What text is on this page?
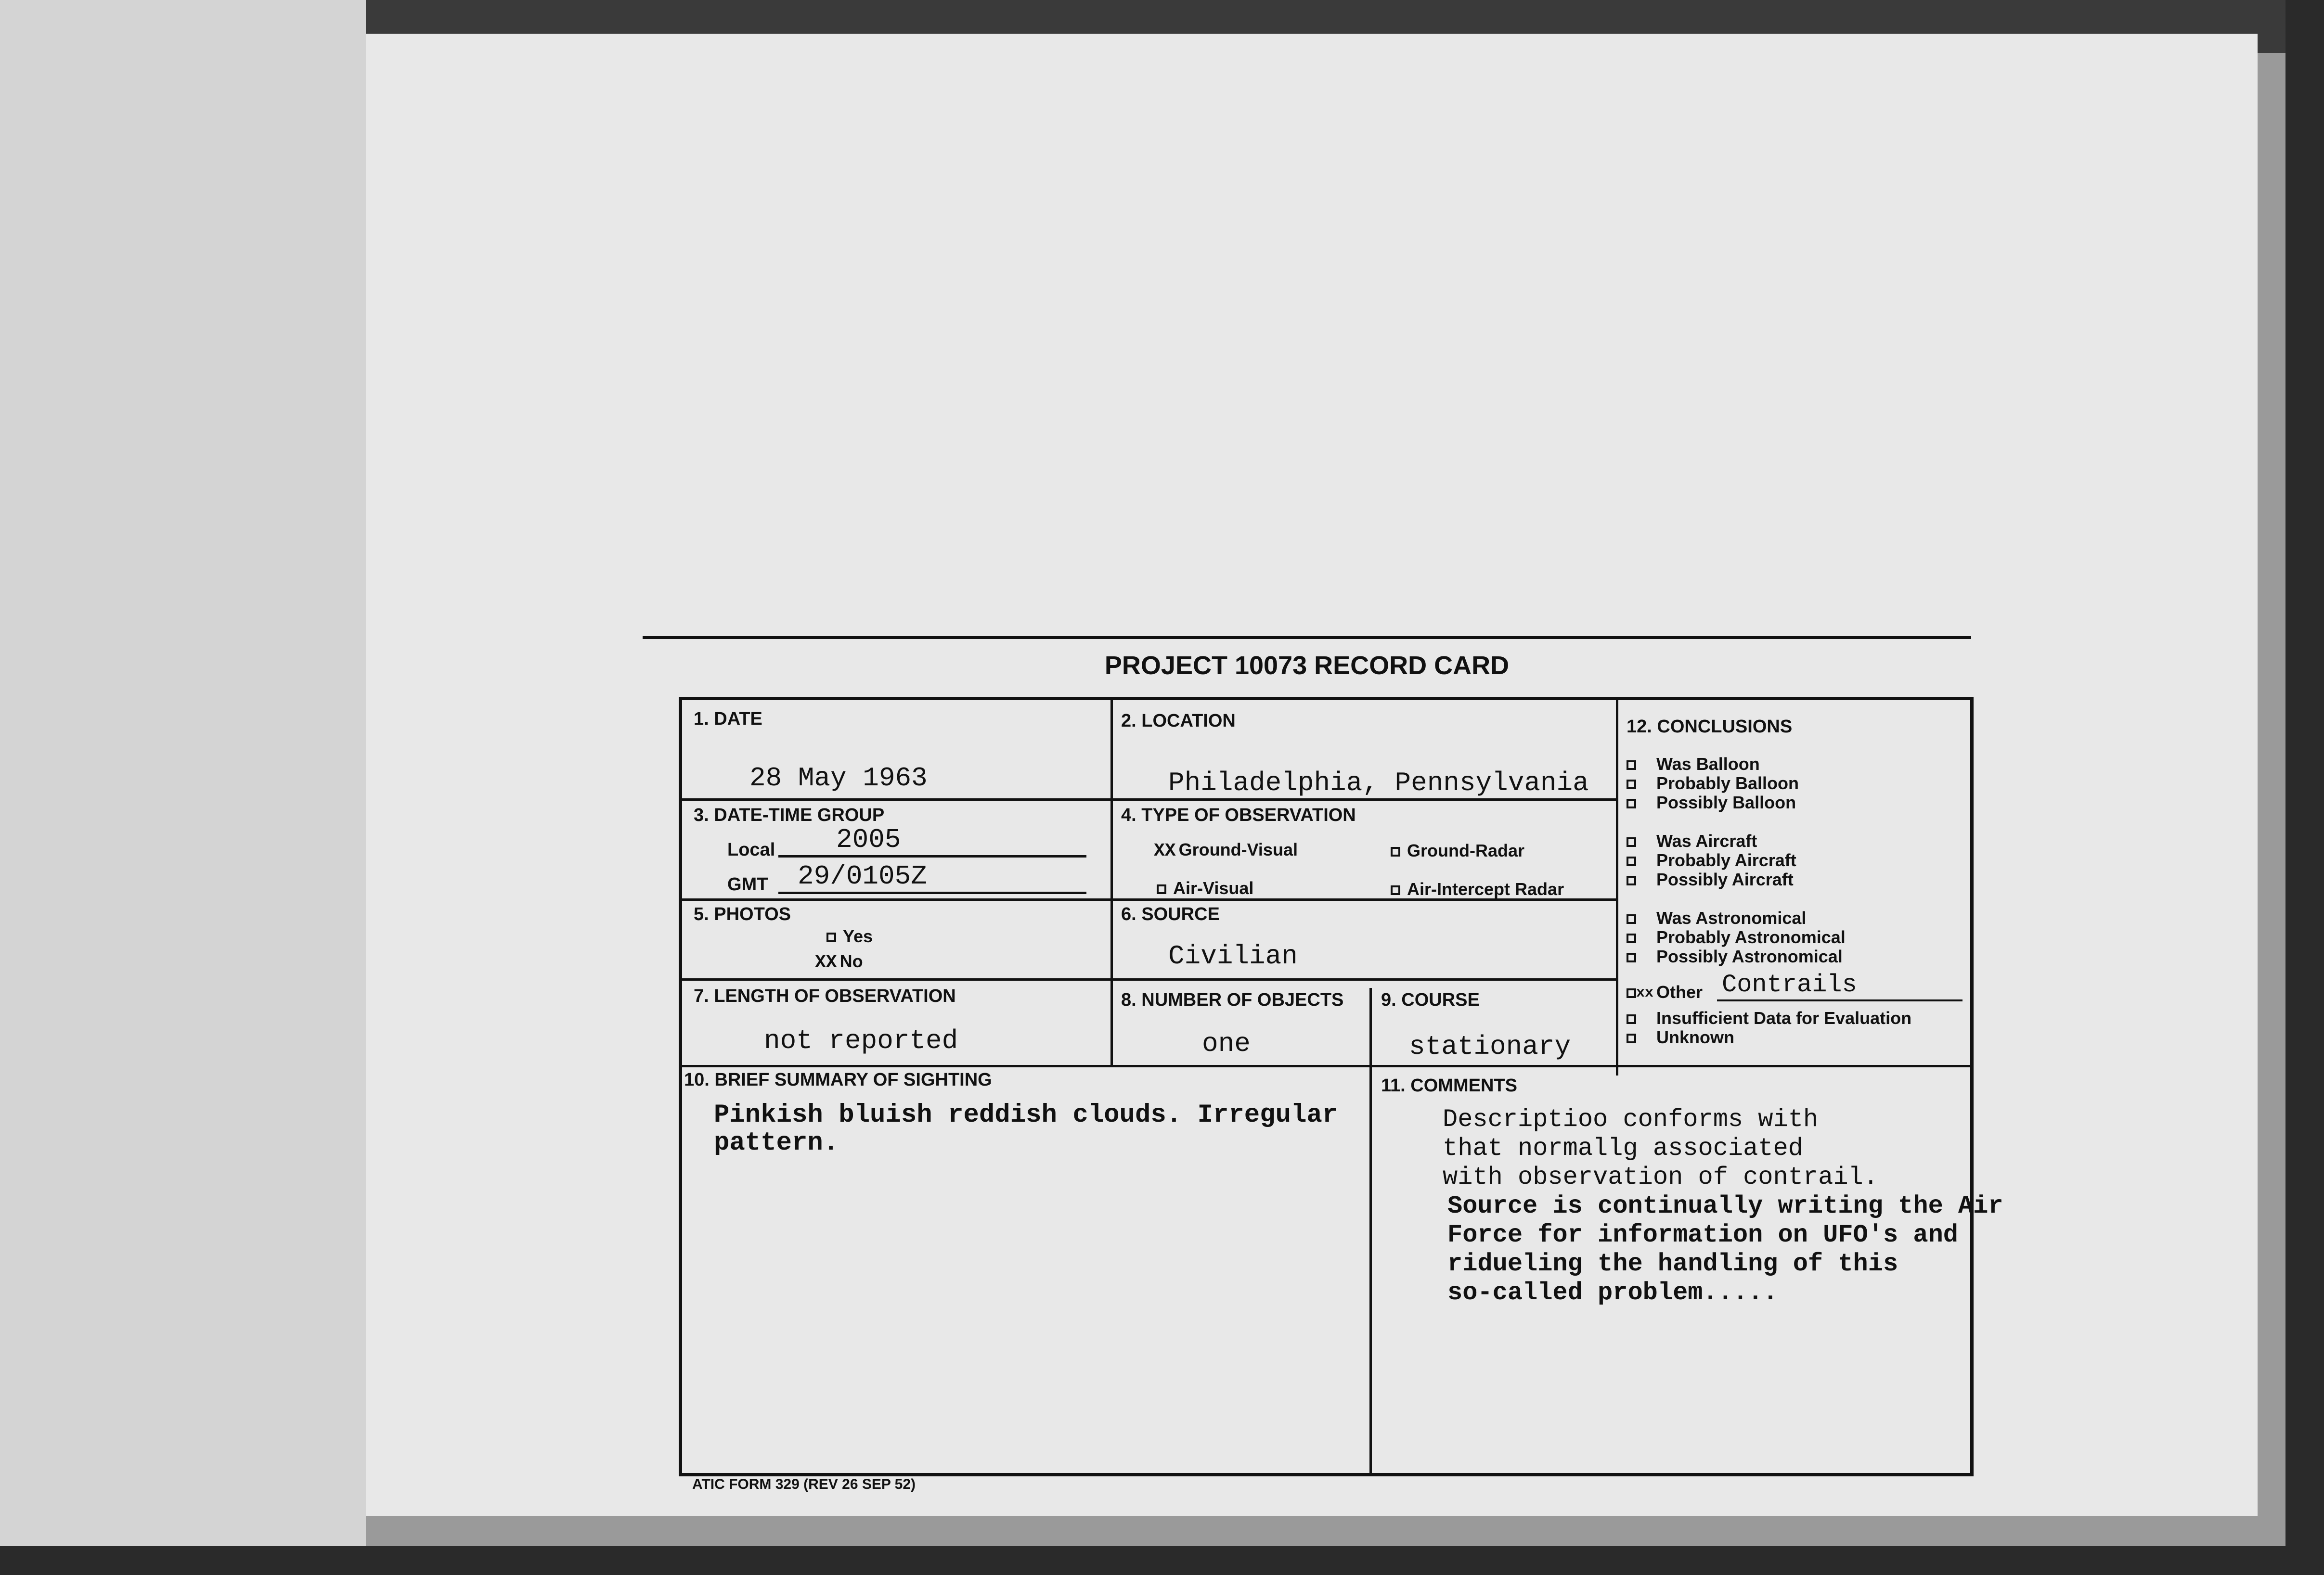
PROJECT 10073 RECORD CARD
1. DATE
28 May 1963
2. LOCATION
Philadelphia, Pennsylvania
3. DATE-TIME GROUP
Local 2005
GMT 29/0105Z
4. TYPE OF OBSERVATION
XX Ground-Visual	Ground-Radar
Air-Visual	Air-Intercept Radar
5. PHOTOS
Yes
XX No
6. SOURCE
Civilian
7. LENGTH OF OBSERVATION
not reported
8. NUMBER OF OBJECTS
one
9. COURSE
stationary
10. BRIEF SUMMARY OF SIGHTING
Pinkish bluish reddish clouds. Irregular
pattern.
11. COMMENTS
Descriptioo conforms with
that normallg associated
with observation of contrail.
Source is continually writing the Air
Force for information on UFO's and
ridueling the handling of this
so-called problem.....
12. CONCLUSIONS
Was Balloon
Probably Balloon
Possibly Balloon
Was Aircraft
Probably Aircraft
Possibly Aircraft
Was Astronomical
Probably Astronomical
Possibly Astronomical
xx Other Contrails
Insufficient Data for Evaluation
Unknown
ATIC FORM 329 (REV 26 SEP 52)
